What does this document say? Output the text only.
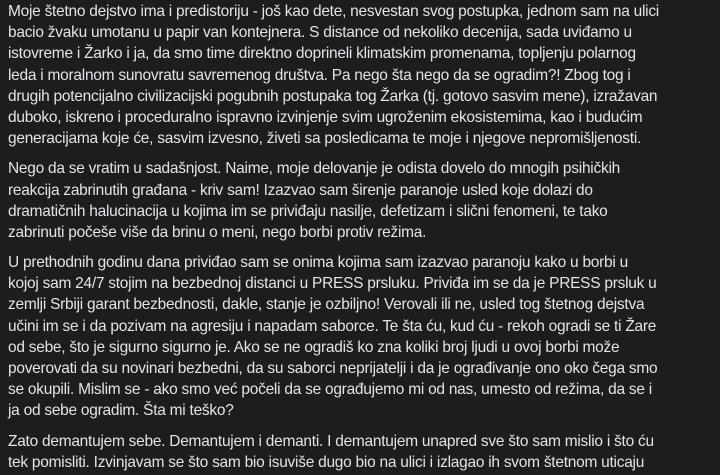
Moje štetno dejstvo ima i predistoriju - još kao dete, nesvestan svog postupka, jednom sam na ulici
bacio žvaku umotanu u papir van kontejnera. S distance od nekoliko decenija, sada uviđamo u
istovreme i Žarko i ja, da smo time direktno doprineli klimatskim promenama, topljenju polarnog
leda i moralnom sunovratu savremenog društva. Pa nego šta nego da se ogradim?! Zbog tog i
drugih potencijalno civilizacijski pogubnih postupaka tog Žarka (tj. gotovo sasvim mene), izražavan
duboko, iskreno i proceduralno ispravno izvinjenje svim ugroženim ekosistemima, kao i budućim
generacijama koje će, sasvim izvesno, živeti sa posledicama te moje i njegove nepromišljenosti.
Nego da se vratim u sadašnjost. Naime, moje delovanje je odista dovelo do mnogih psihičkih
reakcija zabrinutih građana - kriv sam! Izazvao sam širenje paranoje usled koje dolazi do
dramatičnih halucinacija u kojima im se priviđaju nasilje, defetizam i slični fenomeni, te tako
zabrinuti počeše više da brinu o meni, nego borbi protiv režima.
U prethodnih godinu dana priviđao sam se onima kojima sam izazvao paranoju kako u borbi u
kojoj sam 24/7 stojim na bezbednoj distanci u PRESS prsluku. Priviđa im se da je PRESS prsluk u
zemlji Srbiji garant bezbednosti, dakle, stanje je ozbiljno! Verovali ili ne, usled tog štetnog dejstva
učini im se i da pozivam na agresiju i napadam saborce. Te šta ću, kud ću - rekoh ogradi se ti Žare
od sebe, što je sigurno sigurno je. Ako se ne ogradiš ko zna koliki broj ljudi u ovoj borbi može
poverovati da su novinari bezbedni, da su saborci neprijatelji i da je ograđivanje ono oko čega smo
se okupili. Mislim se - ako smo već počeli da se ograđujemo mi od nas, umesto od režima, da se i
ja od sebe ogradim. Šta mi teško?
Zato demantujem sebe. Demantujem i demanti. I demantujem unapred sve što sam mislio i što ću
tek pomisliti. Izvinjavam se što sam bio isuviše dugo bio na ulici i izlagao ih svom štetnom uticaju
